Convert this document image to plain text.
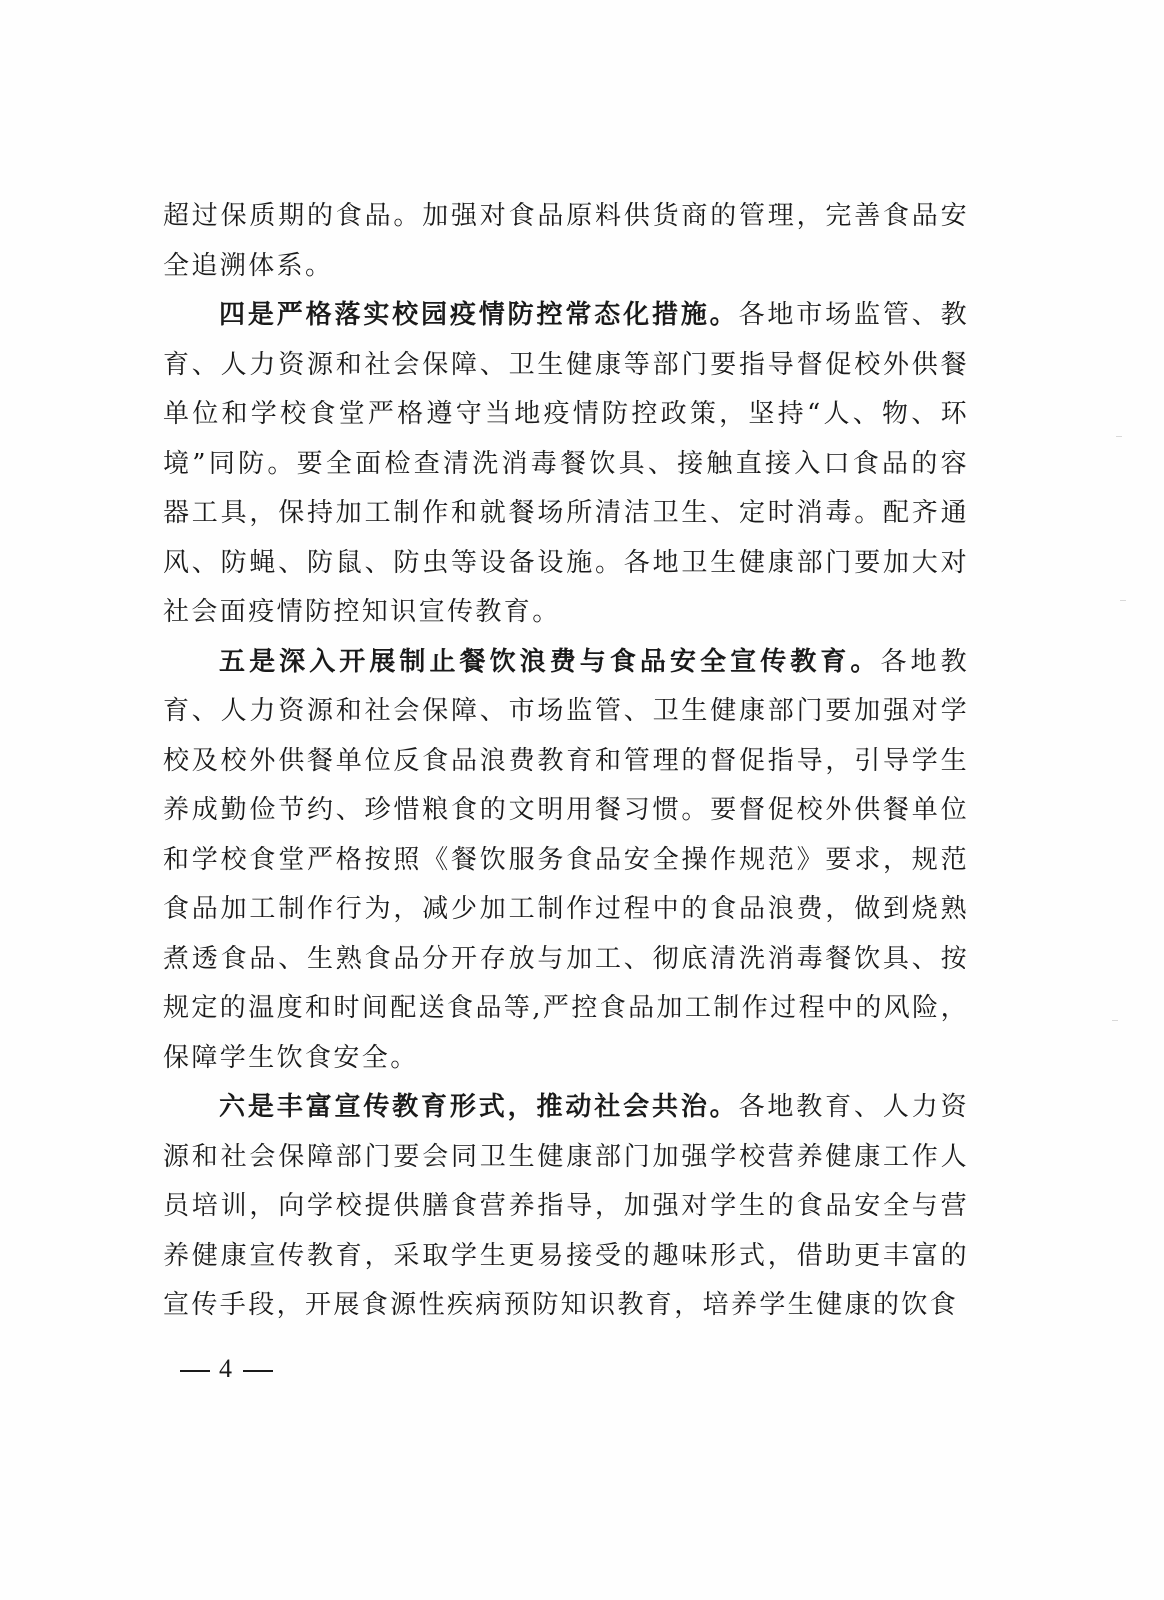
超过保质期的食品。加强对食品原料供货商的管理，完善食品安全追溯体系。

四是严格落实校园疫情防控常态化措施。各地市场监管、教育、人力资源和社会保障、卫生健康等部门要指导督促校外供餐单位和学校食堂严格遵守当地疫情防控政策，坚持“人、物、环境”同防。要全面检查清洗消毒餐饮具、接触直接入口食品的容器工具，保持加工制作和就餐场所清洁卫生、定时消毒。配齐通风、防蝇、防鼠、防虫等设备设施。各地卫生健康部门要加大对社会面疫情防控知识宣传教育。

五是深入开展制止餐饮浪费与食品安全宣传教育。各地教育、人力资源和社会保障、市场监管、卫生健康部门要加强对学校及校外供餐单位反食品浪费教育和管理的督促指导，引导学生养成勤俭节约、珍惜粮食的文明用餐习惯。要督促校外供餐单位和学校食堂严格按照《餐饮服务食品安全操作规范》要求，规范食品加工制作行为，减少加工制作过程中的食品浪费，做到烧熟煮透食品、生熟食品分开存放与加工、彻底清洗消毒餐饮具、按规定的温度和时间配送食品等,严控食品加工制作过程中的风险，保障学生饮食安全。

六是丰富宣传教育形式，推动社会共治。各地教育、人力资源和社会保障部门要会同卫生健康部门加强学校营养健康工作人员培训，向学校提供膳食营养指导，加强对学生的食品安全与营养健康宣传教育，采取学生更易接受的趣味形式，借助更丰富的宣传手段，开展食源性疾病预防知识教育，培养学生健康的饮食

4
